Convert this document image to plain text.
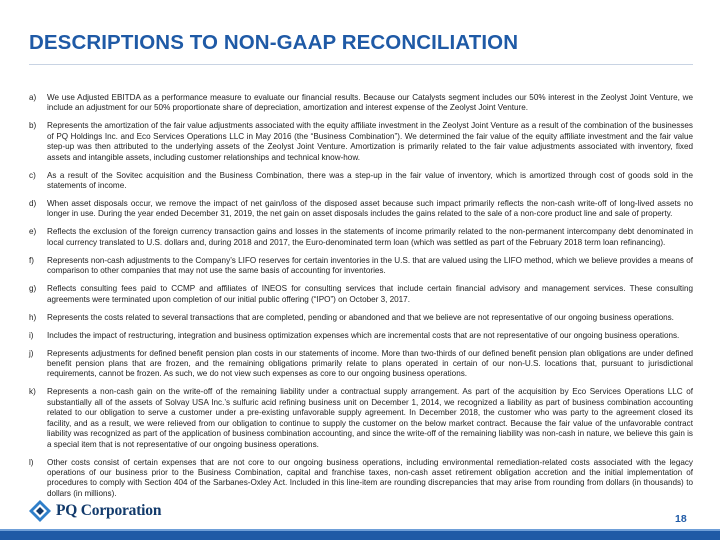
DESCRIPTIONS TO NON-GAAP RECONCILIATION
a) We use Adjusted EBITDA as a performance measure to evaluate our financial results. Because our Catalysts segment includes our 50% interest in the Zeolyst Joint Venture, we include an adjustment for our 50% proportionate share of depreciation, amortization and interest expense of the Zeolyst Joint Venture.
b) Represents the amortization of the fair value adjustments associated with the equity affiliate investment in the Zeolyst Joint Venture as a result of the combination of the businesses of PQ Holdings Inc. and Eco Services Operations LLC in May 2016 (the “Business Combination”). We determined the fair value of the equity affiliate investment and the fair value step-up was then attributed to the underlying assets of the Zeolyst Joint Venture. Amortization is primarily related to the fair value adjustments associated with inventory, fixed assets and intangible assets, including customer relationships and technical know-how.
c) As a result of the Sovitec acquisition and the Business Combination, there was a step-up in the fair value of inventory, which is amortized through cost of goods sold in the statements of income.
d) When asset disposals occur, we remove the impact of net gain/loss of the disposed asset because such impact primarily reflects the non-cash write-off of long-lived assets no longer in use. During the year ended December 31, 2019, the net gain on asset disposals includes the gains related to the sale of a non-core product line and sale of property.
e) Reflects the exclusion of the foreign currency transaction gains and losses in the statements of income primarily related to the non-permanent intercompany debt denominated in local currency translated to U.S. dollars and, during 2018 and 2017, the Euro-denominated term loan (which was settled as part of the February 2018 term loan refinancing).
f) Represents non-cash adjustments to the Company’s LIFO reserves for certain inventories in the U.S. that are valued using the LIFO method, which we believe provides a means of comparison to other companies that may not use the same basis of accounting for inventories.
g) Reflects consulting fees paid to CCMP and affiliates of INEOS for consulting services that include certain financial advisory and management services. These consulting agreements were terminated upon completion of our initial public offering (“IPO”) on October 3, 2017.
h) Represents the costs related to several transactions that are completed, pending or abandoned and that we believe are not representative of our ongoing business operations.
i) Includes the impact of restructuring, integration and business optimization expenses which are incremental costs that are not representative of our ongoing business operations.
j) Represents adjustments for defined benefit pension plan costs in our statements of income. More than two-thirds of our defined benefit pension plan obligations are under defined benefit pension plans that are frozen, and the remaining obligations primarily relate to plans operated in certain of our non-U.S. locations that, pursuant to jurisdictional requirements, cannot be frozen. As such, we do not view such expenses as core to our ongoing business operations.
k) Represents a non-cash gain on the write-off of the remaining liability under a contractual supply arrangement. As part of the acquisition by Eco Services Operations LLC of substantially all of the assets of Solvay USA Inc.’s sulfuric acid refining business unit on December 1, 2014, we recognized a liability as part of business combination accounting related to our obligation to serve a customer under a pre-existing unfavorable supply agreement. In December 2018, the customer who was party to the agreement closed its facility, and as a result, we were relieved from our obligation to continue to supply the customer on the below market contract. Because the fair value of the unfavorable contract liability was recognized as part of the application of business combination accounting, and since the write-off of the remaining liability was non-cash in nature, we believe this gain is a special item that is not representative of our ongoing business operations.
l) Other costs consist of certain expenses that are not core to our ongoing business operations, including environmental remediation-related costs associated with the legacy operations of our business prior to the Business Combination, capital and franchise taxes, non-cash asset retirement obligation accretion and the initial implementation of procedures to comply with Section 404 of the Sarbanes-Oxley Act. Included in this line-item are rounding discrepancies that may arise from rounding from dollars (in thousands) to dollars (in millions).
PQ Corporation	18
